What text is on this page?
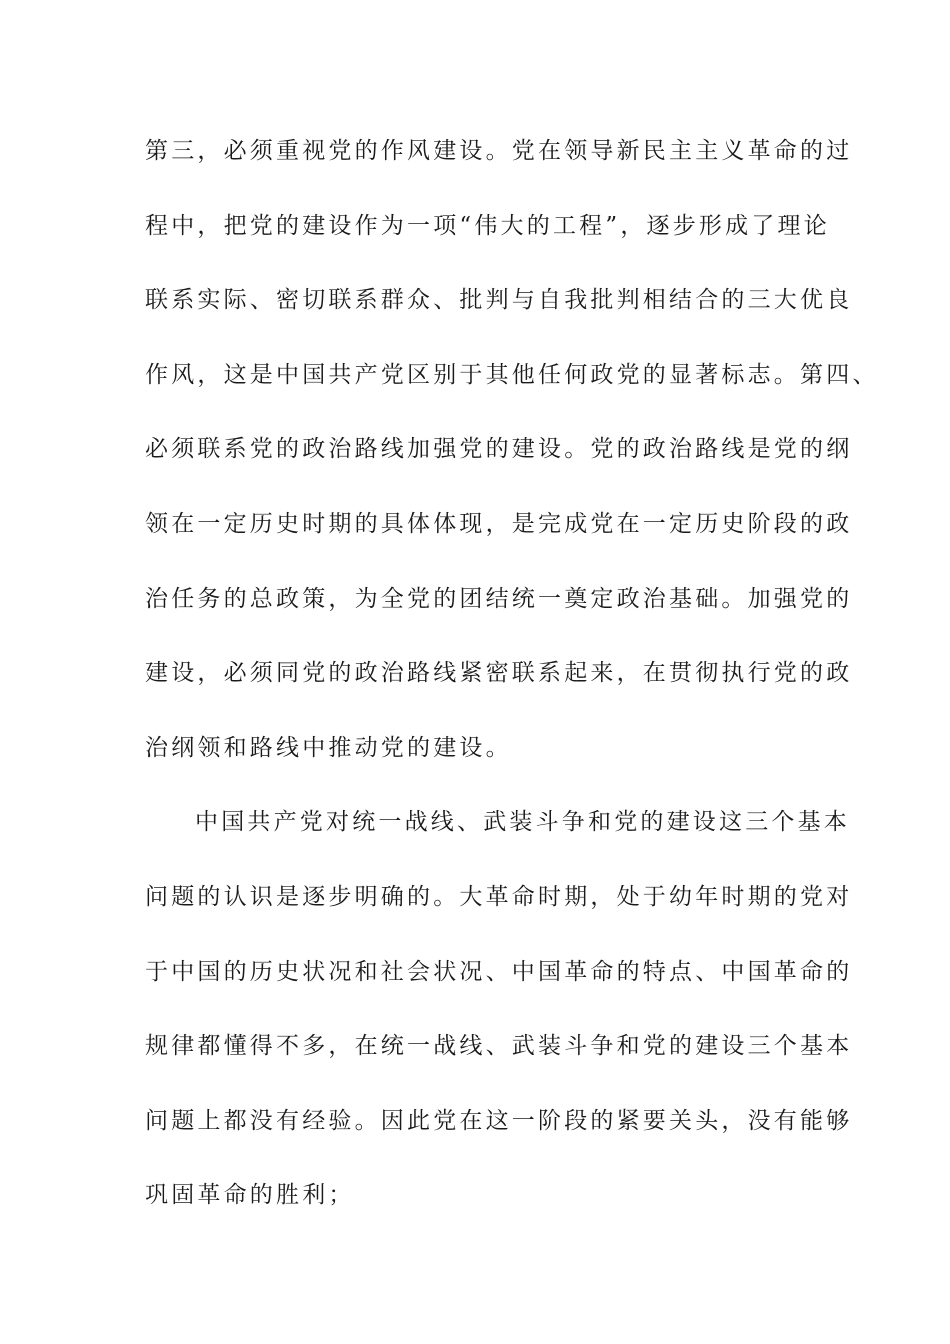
第三，必须重视党的作风建设。党在领导新民主主义革命的过
程中，把党的建设作为一项“伟大的工程”，逐步形成了理论
联系实际、密切联系群众、批判与自我批判相结合的三大优良
作风，这是中国共产党区别于其他任何政党的显著标志。第四、
必须联系党的政治路线加强党的建设。党的政治路线是党的纲
领在一定历史时期的具体体现，是完成党在一定历史阶段的政
治任务的总政策，为全党的团结统一奠定政治基础。加强党的
建设，必须同党的政治路线紧密联系起来，在贯彻执行党的政
治纲领和路线中推动党的建设。
中国共产党对统一战线、武装斗争和党的建设这三个基本
问题的认识是逐步明确的。大革命时期，处于幼年时期的党对
于中国的历史状况和社会状况、中国革命的特点、中国革命的
规律都懂得不多，在统一战线、武装斗争和党的建设三个基本
问题上都没有经验。因此党在这一阶段的紧要关头，没有能够
巩固革命的胜利；
